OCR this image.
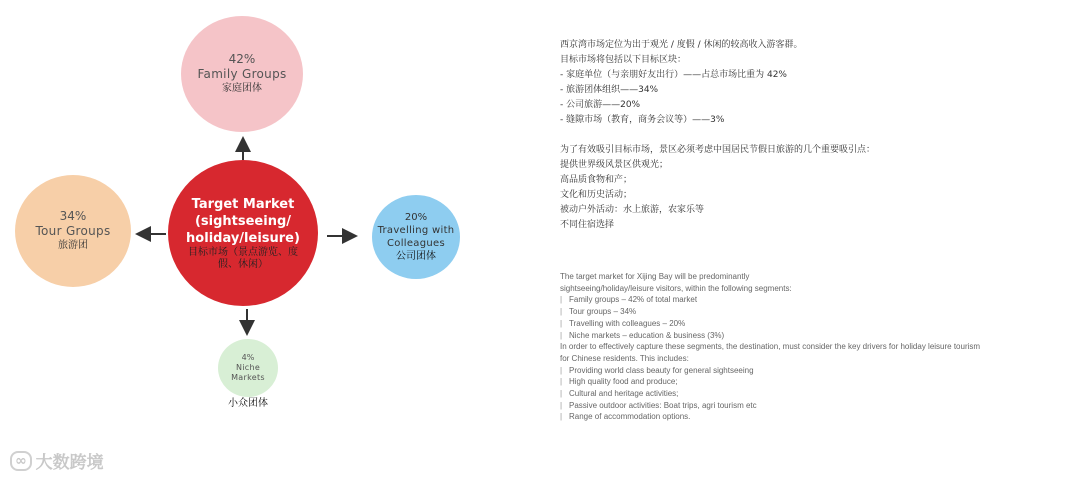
42%
Family Groups
家庭团体
34%
Tour Groups
旅游团
Target Market
(sightseeing/
holiday/leisure)
目标市场（景点游览、度假、休闲）
20%
Travelling with
Colleagues
公司团体
4%
Niche
Markets
小众团体
西京湾市场定位为出于观光 / 度假 / 休闲的较高收入游客群。
目标市场将包括以下目标区块：
- 家庭单位（与亲朋好友出行）——占总市场比重为 42%
- 旅游团体组织——34%
- 公司旅游——20%
- 缝隙市场（教育，商务会议等）——3%
为了有效吸引目标市场，景区必须考虑中国居民节假日旅游的几个重要吸引点：
提供世界级风景区供观光；
高品质食物和产；
文化和历史活动；
被动户外活动：水上旅游，农家乐等
不同住宿选择
The target market for Xijing Bay will be predominantly
sightseeing/holiday/leisure visitors, within the following segments:
| Family groups – 42% of total market
| Tour groups – 34%
| Travelling with colleagues – 20%
| Niche markets – education & business (3%)
In order to effectively capture these segments, the destination, must consider the key drivers for holiday leisure tourism
for Chinese residents. This includes:
| Providing world class beauty for general sightseeing
| High quality food and produce;
| Cultural and heritage activities;
| Passive outdoor activities: Boat trips, agri tourism etc
| Range of accommodation options.
∞ 大数跨境
